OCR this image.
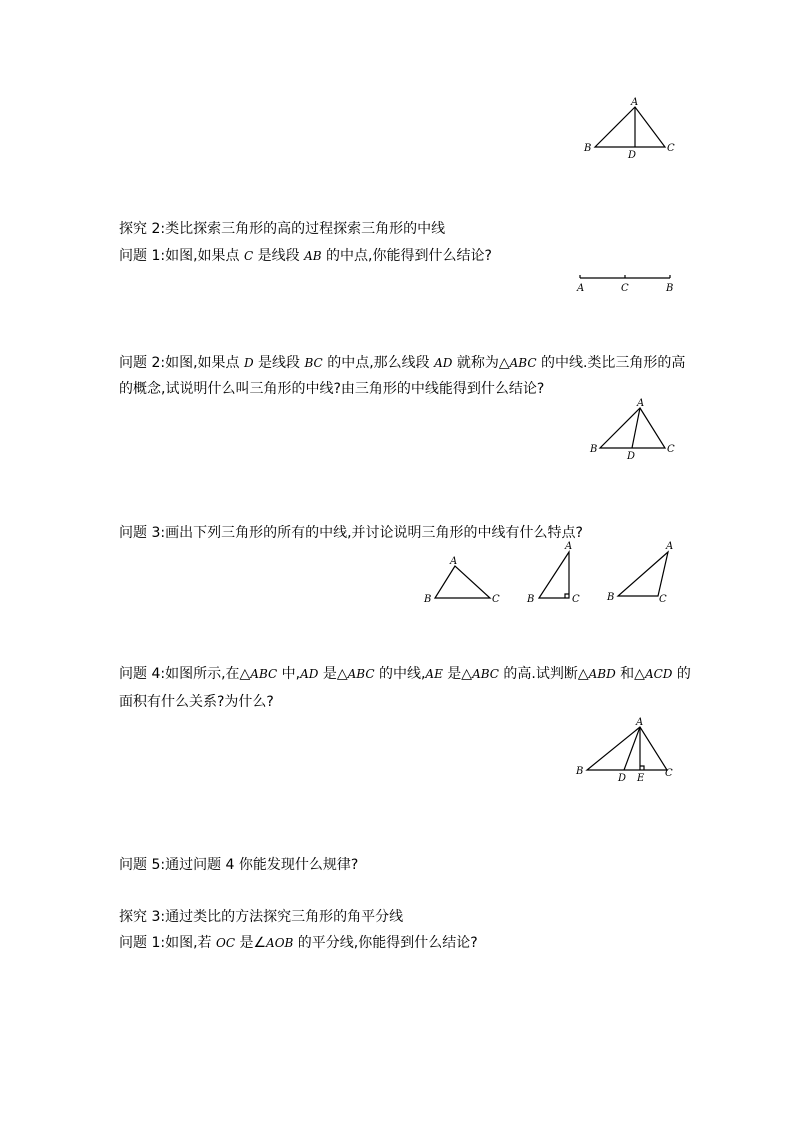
A
B
D
C
探究 2:类比探索三角形的高的过程探索三角形的中线
问题 1:如图,如果点 C 是线段 AB 的中点,你能得到什么结论?
A	C	B
问题 2:如图,如果点 D 是线段 BC 的中点,那么线段 AD 就称为△ABC 的中线.类比三角形的高
的概念,试说明什么叫三角形的中线?由三角形的中线能得到什么结论?
A
B
D
C
问题 3:画出下列三角形的所有的中线,并讨论说明三角形的中线有什么特点?
A
B	C
A
B	C
A
B	C
问题 4:如图所示,在△ABC 中,AD 是△ABC 的中线,AE 是△ABC 的高.试判断△ABD 和△ACD 的
面积有什么关系?为什么?
A
B
D E C
问题 5:通过问题 4 你能发现什么规律?
探究 3:通过类比的方法探究三角形的角平分线
问题 1:如图,若 OC 是∠AOB 的平分线,你能得到什么结论?
